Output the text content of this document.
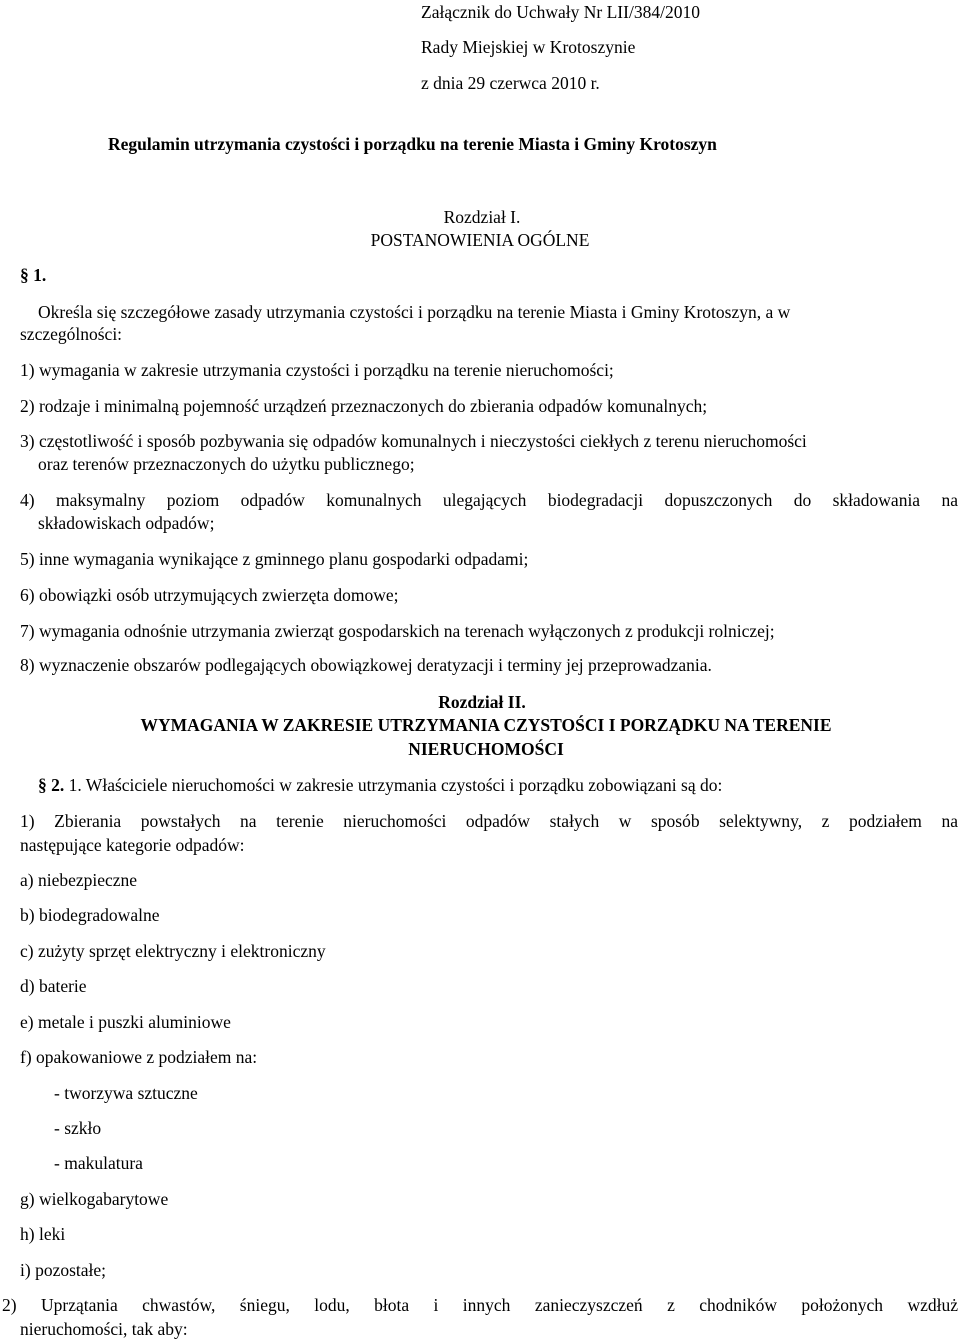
Załącznik do Uchwały Nr LII/384/2010
Rady Miejskiej w Krotoszynie
z dnia 29 czerwca 2010 r.
Regulamin utrzymania czystości i porządku na terenie Miasta i Gminy Krotoszyn
Rozdział I.
POSTANOWIENIA OGÓLNE
§ 1.
Określa się szczegółowe zasady utrzymania czystości i porządku na terenie Miasta i Gminy Krotoszyn, a w
szczególności:
1) wymagania w zakresie utrzymania czystości i porządku na terenie nieruchomości;
2) rodzaje i minimalną pojemność urządzeń przeznaczonych do zbierania odpadów komunalnych;
3) częstotliwość i sposób pozbywania się odpadów komunalnych i nieczystości ciekłych z terenu nieruchomości
oraz terenów przeznaczonych do użytku publicznego;
4) maksymalny poziom odpadów komunalnych ulegających biodegradacji dopuszczonych do składowania na
składowiskach odpadów;
5) inne wymagania wynikające z gminnego planu gospodarki odpadami;
6) obowiązki osób utrzymujących zwierzęta domowe;
7) wymagania odnośnie utrzymania zwierząt gospodarskich na terenach wyłączonych z produkcji rolniczej;
8) wyznaczenie obszarów podlegających obowiązkowej deratyzacji i terminy jej przeprowadzania.
Rozdział II.
WYMAGANIA W ZAKRESIE UTRZYMANIA CZYSTOŚCI I PORZĄDKU NA TERENIE
NIERUCHOMOŚCI
§ 2. 1. Właściciele nieruchomości w zakresie utrzymania czystości i porządku zobowiązani są do:
1) Zbierania powstałych na terenie nieruchomości odpadów stałych w sposób selektywny, z podziałem na
następujące kategorie odpadów:
a) niebezpieczne
b) biodegradowalne
c) zużyty sprzęt elektryczny i elektroniczny
d) baterie
e) metale i puszki aluminiowe
f) opakowaniowe z podziałem na:
- tworzywa sztuczne
- szkło
- makulatura
g) wielkogabarytowe
h) leki
i) pozostałe;
2) Uprzątania chwastów, śniegu, lodu, błota i innych zanieczyszczeń z chodników położonych wzdłuż
nieruchomości, tak aby:
